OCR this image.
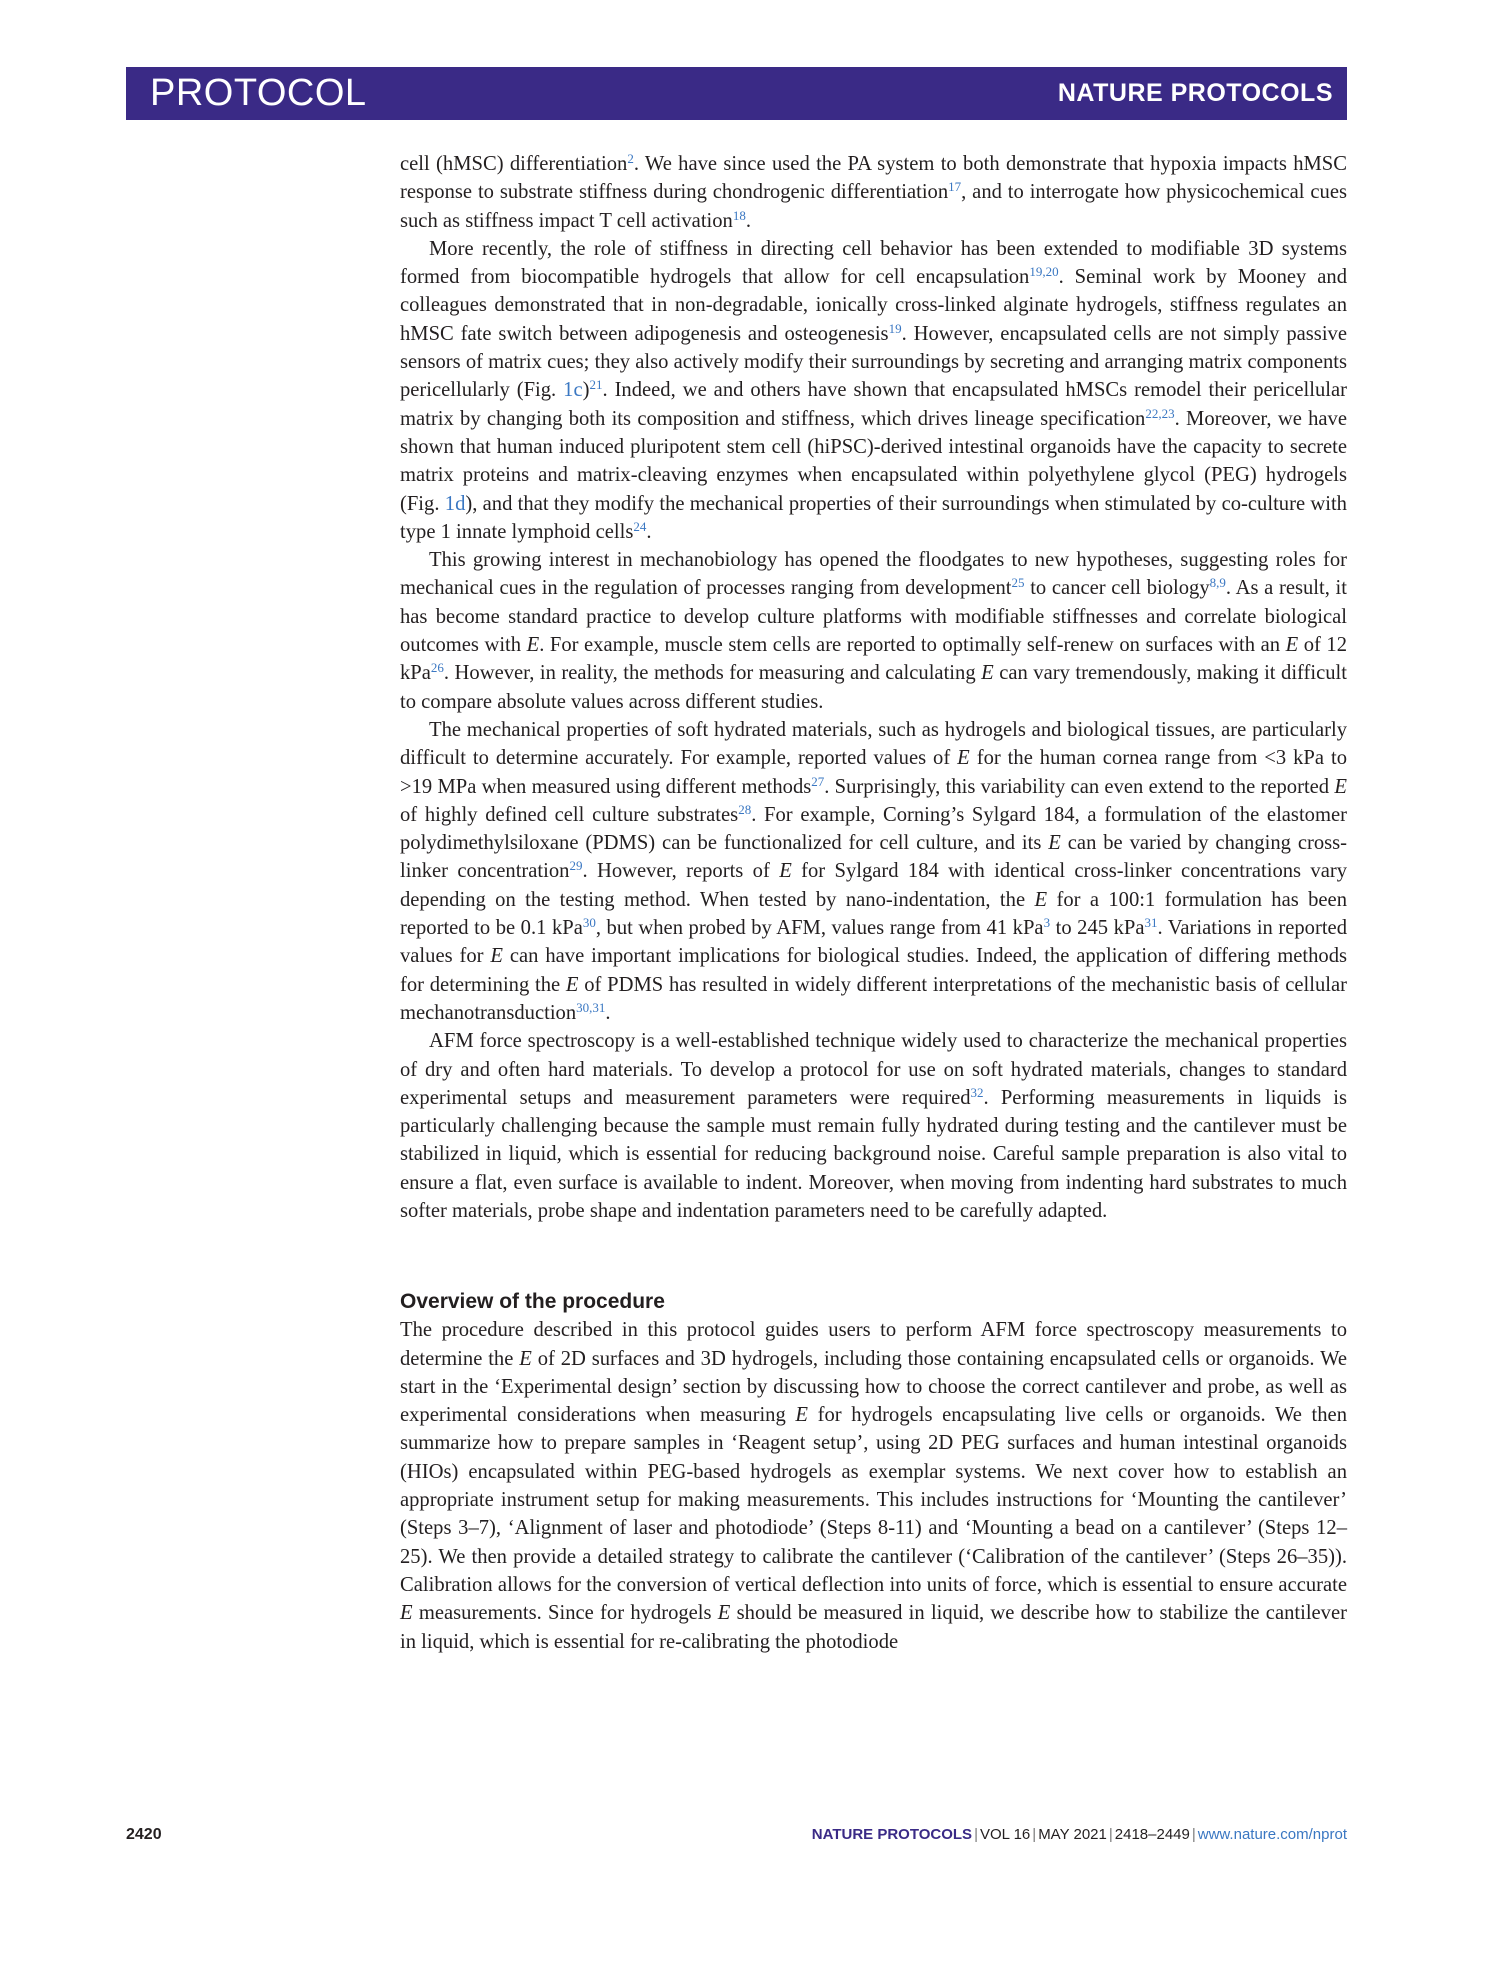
PROTOCOL	NATURE PROTOCOLS

cell (hMSC) differentiation$^2$. We have since used the PA system to both demonstrate that hypoxia impacts hMSC response to substrate stiffness during chondrogenic differentiation$^{17}$, and to interrogate how physicochemical cues such as stiffness impact T cell activation$^{18}$.

More recently, the role of stiffness in directing cell behavior has been extended to modifiable 3D systems formed from biocompatible hydrogels that allow for cell encapsulation$^{19,20}$. Seminal work by Mooney and colleagues demonstrated that in non-degradable, ionically cross-linked alginate hydrogels, stiffness regulates an hMSC fate switch between adipogenesis and osteogenesis$^{19}$. However, encapsulated cells are not simply passive sensors of matrix cues; they also actively modify their surroundings by secreting and arranging matrix components pericellularly (Fig. 1c)$^{21}$. Indeed, we and others have shown that encapsulated hMSCs remodel their pericellular matrix by changing both its composition and stiffness, which drives lineage specification$^{22,23}$. Moreover, we have shown that human induced pluripotent stem cell (hiPSC)-derived intestinal organoids have the capacity to secrete matrix proteins and matrix-cleaving enzymes when encapsulated within polyethylene glycol (PEG) hydrogels (Fig. 1d), and that they modify the mechanical properties of their surroundings when stimulated by co-culture with type 1 innate lymphoid cells$^{24}$.

This growing interest in mechanobiology has opened the floodgates to new hypotheses, suggesting roles for mechanical cues in the regulation of processes ranging from development$^{25}$ to cancer cell biology$^{8,9}$. As a result, it has become standard practice to develop culture platforms with modifiable stiffnesses and correlate biological outcomes with E. For example, muscle stem cells are reported to optimally self-renew on surfaces with an E of 12 kPa$^{26}$. However, in reality, the methods for measuring and calculating E can vary tremendously, making it difficult to compare absolute values across different studies.

The mechanical properties of soft hydrated materials, such as hydrogels and biological tissues, are particularly difficult to determine accurately. For example, reported values of E for the human cornea range from <3 kPa to >19 MPa when measured using different methods$^{27}$. Surprisingly, this variability can even extend to the reported E of highly defined cell culture substrates$^{28}$. For example, Corning’s Sylgard 184, a formulation of the elastomer polydimethylsiloxane (PDMS) can be functionalized for cell culture, and its E can be varied by changing cross-linker concentration$^{29}$. However, reports of E for Sylgard 184 with identical cross-linker concentrations vary depending on the testing method. When tested by nano-indentation, the E for a 100:1 formulation has been reported to be 0.1 kPa$^{30}$, but when probed by AFM, values range from 41 kPa$^3$ to 245 kPa$^{31}$. Variations in reported values for E can have important implications for biological studies. Indeed, the application of differing methods for determining the E of PDMS has resulted in widely different interpretations of the mechanistic basis of cellular mechanotransduction$^{30,31}$.

AFM force spectroscopy is a well-established technique widely used to characterize the mechanical properties of dry and often hard materials. To develop a protocol for use on soft hydrated materials, changes to standard experimental setups and measurement parameters were required$^{32}$. Performing measurements in liquids is particularly challenging because the sample must remain fully hydrated during testing and the cantilever must be stabilized in liquid, which is essential for reducing background noise. Careful sample preparation is also vital to ensure a flat, even surface is available to indent. Moreover, when moving from indenting hard substrates to much softer materials, probe shape and indentation parameters need to be carefully adapted.

Overview of the procedure

The procedure described in this protocol guides users to perform AFM force spectroscopy measurements to determine the E of 2D surfaces and 3D hydrogels, including those containing encapsulated cells or organoids. We start in the ‘Experimental design’ section by discussing how to choose the correct cantilever and probe, as well as experimental considerations when measuring E for hydrogels encapsulating live cells or organoids. We then summarize how to prepare samples in ‘Reagent setup’, using 2D PEG surfaces and human intestinal organoids (HIOs) encapsulated within PEG-based hydrogels as exemplar systems. We next cover how to establish an appropriate instrument setup for making measurements. This includes instructions for ‘Mounting the cantilever’ (Steps 3–7), ‘Alignment of laser and photodiode’ (Steps 8-11) and ‘Mounting a bead on a cantilever’ (Steps 12–25). We then provide a detailed strategy to calibrate the cantilever (‘Calibration of the cantilever’ (Steps 26–35)). Calibration allows for the conversion of vertical deflection into units of force, which is essential to ensure accurate E measurements. Since for hydrogels E should be measured in liquid, we describe how to stabilize the cantilever in liquid, which is essential for re-calibrating the photodiode

2420	NATURE PROTOCOLS | VOL 16 | MAY 2021 | 2418–2449 | www.nature.com/nprot
